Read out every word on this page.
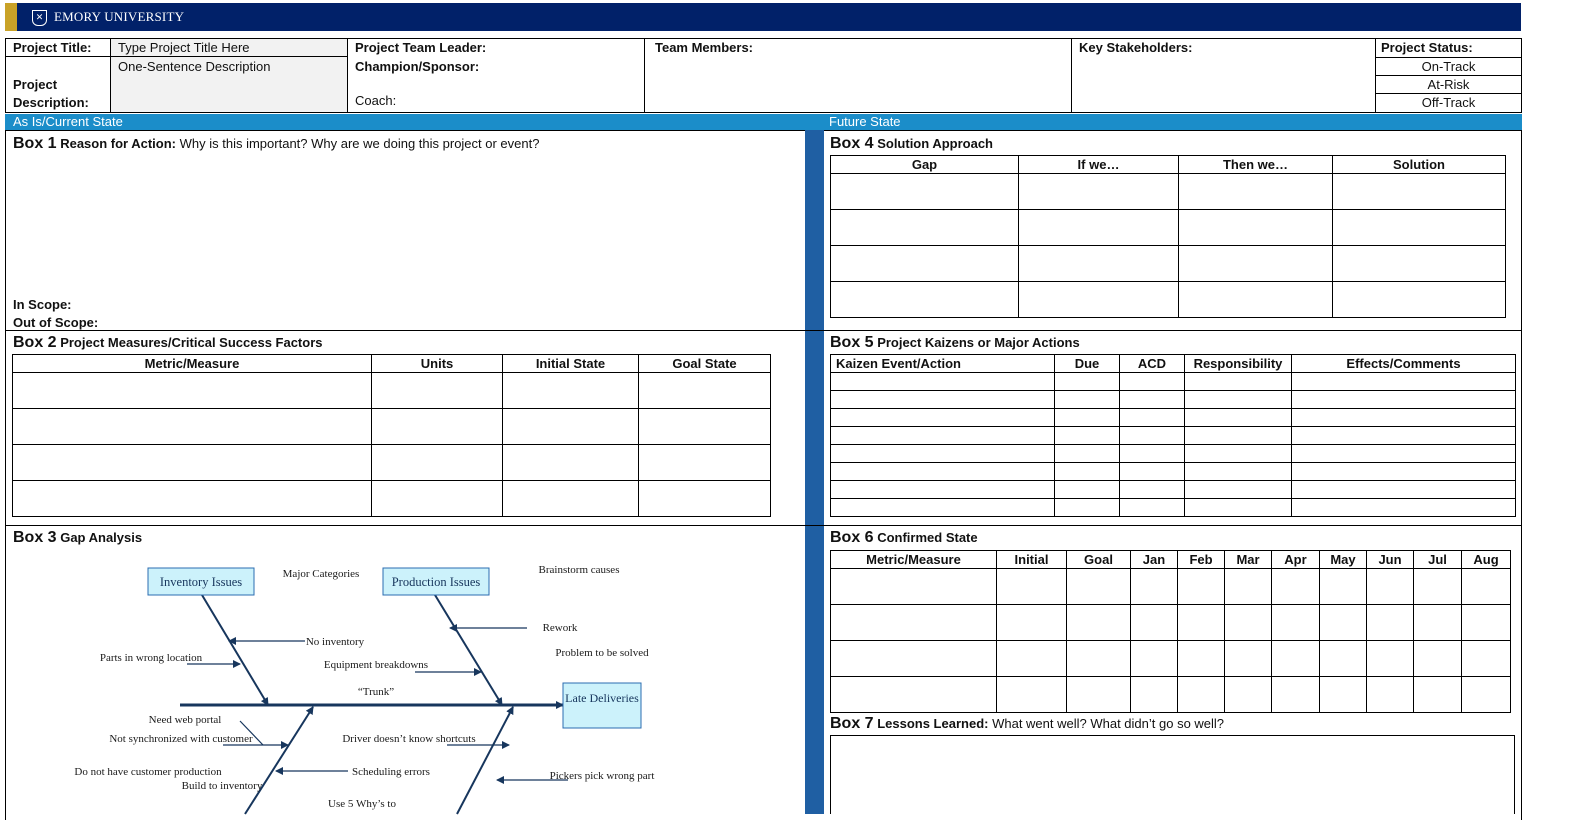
✕ EMORY UNIVERSITY
Project Title: Type Project Title Here
One-Sentence Description
Project Description:
Project Team Leader:
Champion/Sponsor:
Coach:
Team Members:	Key Stakeholders:	Project Status:
On-Track
At-Risk
Off-Track
As Is/Current State	Future State
Box 1 Reason for Action: Why is this important? Why are we doing this project or event?
In Scope:
Out of Scope:
Box 2 Project Measures/Critical Success Factors
Metric/Measure	Units	Initial State	Goal State

Box 3 Gap Analysis
Inventory Issues	Production Issues
Late Deliveries
Major Categories	Brainstorm causes
No inventory
Rework
Parts in wrong location
Equipment breakdowns
“Trunk”
Problem to be solved
Need web portal
Not synchronized with customer	Driver doesn’t know shortcuts
Do not have customer production
Build to inventory
Scheduling errors	Pickers pick wrong part
Use 5 Why’s to
Box 4 Solution Approach
Gap	If we…	Then we…	Solution

Box 5 Project Kaizens or Major Actions
Kaizen Event/Action	Due	ACD	Responsibility	Effects/Comments

Box 6 Confirmed State
Metric/Measure	Initial	Goal	Jan	Feb	Mar	Apr	May	Jun	Jul	Aug

Box 7 Lessons Learned: What went well? What didn’t go so well?
